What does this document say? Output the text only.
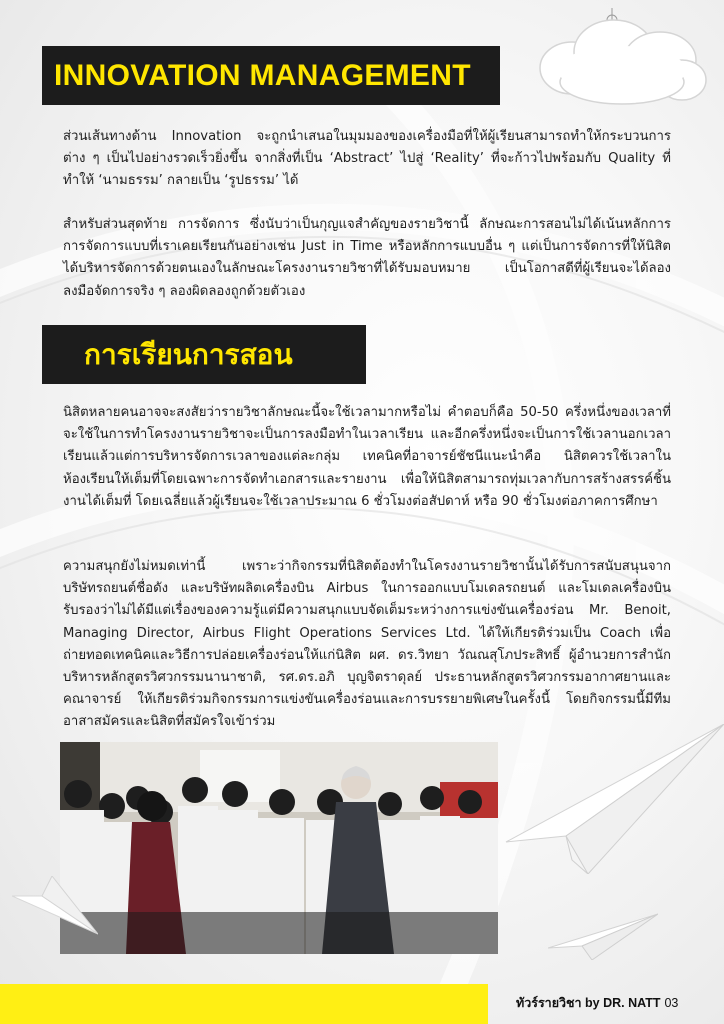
INNOVATION MANAGEMENT

ส่วนเส้นทางด้าน Innovation จะถูกนำเสนอในมุมมองของเครื่องมือที่ให้ผู้เรียนสามารถทำให้กระบวนการต่าง ๆ เป็นไปอย่างรวดเร็วยิ่งขึ้น จากสิ่งที่เป็น ‘Abstract’ ไปสู่ ‘Reality’ ที่จะก้าวไปพร้อมกับ Quality ที่ทำให้ ‘นามธรรม’ กลายเป็น ‘รูปธรรม’ ได้

สำหรับส่วนสุดท้าย การจัดการ ซึ่งนับว่าเป็นกุญแจสำคัญของรายวิชานี้ ลักษณะการสอนไม่ได้เน้นหลักการการจัดการแบบที่เราเคยเรียนกันอย่างเช่น Just in Time หรือหลักการแบบอื่น ๆ แต่เป็นการจัดการที่ให้นิสิตได้บริหารจัดการด้วยตนเองในลักษณะโครงงานรายวิชาที่ได้รับมอบหมาย เป็นโอกาสดีที่ผู้เรียนจะได้ลองลงมือจัดการจริง ๆ ลองผิดลองถูกด้วยตัวเอง

การเรียนการสอน

นิสิตหลายคนอาจจะสงสัยว่ารายวิชาลักษณะนี้จะใช้เวลามากหรือไม่ คำตอบก็คือ 50-50 ครึ่งหนึ่งของเวลาที่จะใช้ในการทำโครงงานรายวิชาจะเป็นการลงมือทำในเวลาเรียน และอีกครึ่งหนึ่งจะเป็นการใช้เวลานอกเวลาเรียนแล้วแต่การบริหารจัดการเวลาของแต่ละกลุ่ม เทคนิคที่อาจารย์ชัชนีแนะนำคือ นิสิตควรใช้เวลาในห้องเรียนให้เต็มที่โดยเฉพาะการจัดทำเอกสารและรายงาน เพื่อให้นิสิตสามารถทุ่มเวลากับการสร้างสรรค์ชิ้นงานได้เต็มที่ โดยเฉลี่ยแล้วผู้เรียนจะใช้เวลาประมาณ 6 ชั่วโมงต่อสัปดาห์ หรือ 90 ชั่วโมงต่อภาคการศึกษา

ความสนุกยังไม่หมดเท่านี้ เพราะว่ากิจกรรมที่นิสิตต้องทำในโครงงานรายวิชานั้นได้รับการสนับสนุนจากบริษัทรถยนต์ชื่อดัง และบริษัทผลิตเครื่องบิน Airbus ในการออกแบบโมเดลรถยนต์ และโมเดลเครื่องบินรับรองว่าไม่ได้มีแต่เรื่องของความรู้แต่มีความสนุกแบบจัดเต็มระหว่างการแข่งขันเครื่องร่อน Mr. Benoit, Managing Director, Airbus Flight Operations Services Ltd. ได้ให้เกียรติร่วมเป็น Coach เพื่อถ่ายทอดเทคนิคและวิธีการปล่อยเครื่องร่อนให้แก่นิสิต ผศ. ดร.วิทยา วัณณสุโภประสิทธิ์ ผู้อำนวยการสำนักบริหารหลักสูตรวิศวกรรมนานาชาติ, รศ.ดร.อภิ บุญจิตราดุลย์ ประธานหลักสูตรวิศวกรรมอากาศยานและคณาจารย์ ให้เกียรติร่วมกิจกรรมการแข่งขันเครื่องร่อนและการบรรยายพิเศษในครั้งนี้ โดยกิจกรรมนี้มีทีมอาสาสมัครและนิสิตที่สมัครใจเข้าร่วม

ทัวร์รายวิชา by DR. NATT 03
